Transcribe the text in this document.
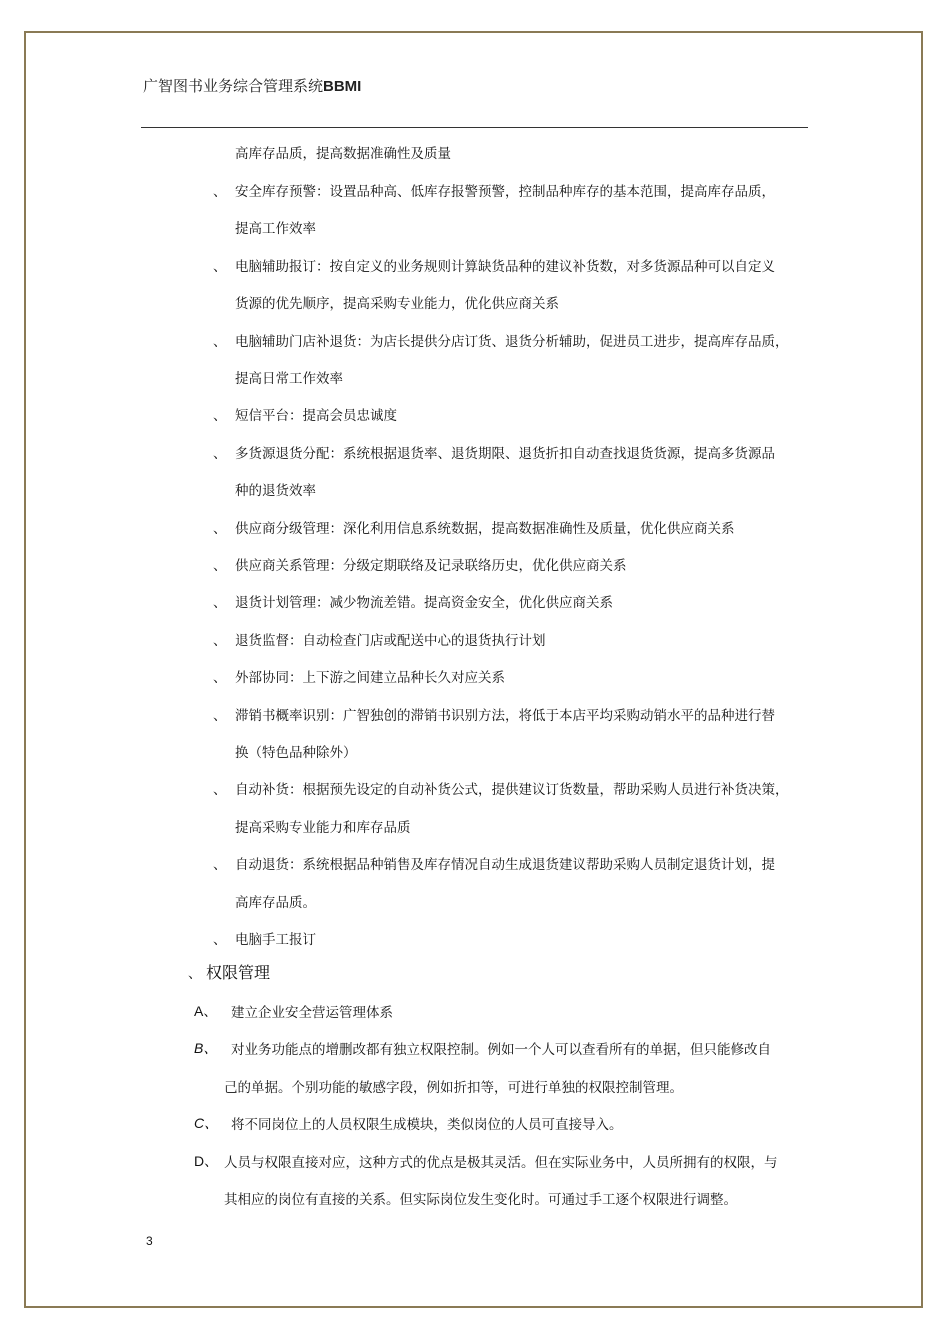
广智图书业务综合管理系统BBMI
高库存品质，提高数据准确性及质量
、 安全库存预警：设置品种高、低库存报警预警，控制品种库存的基本范围，提高库存品质，
提高工作效率
、 电脑辅助报订：按自定义的业务规则计算缺货品种的建议补货数，对多货源品种可以自定义
货源的优先顺序，提高采购专业能力，优化供应商关系
、 电脑辅助门店补退货：为店长提供分店订货、退货分析辅助，促进员工进步，提高库存品质，
提高日常工作效率
、 短信平台：提高会员忠诚度
、 多货源退货分配：系统根据退货率、退货期限、退货折扣自动查找退货货源，提高多货源品
种的退货效率
、 供应商分级管理：深化利用信息系统数据，提高数据准确性及质量，优化供应商关系
、 供应商关系管理：分级定期联络及记录联络历史，优化供应商关系
、 退货计划管理：减少物流差错。提高资金安全，优化供应商关系
、 退货监督：自动检查门店或配送中心的退货执行计划
、 外部协同：上下游之间建立品种长久对应关系
、 滞销书概率识别：广智独创的滞销书识别方法，将低于本店平均采购动销水平的品种进行替
换（特色品种除外）
、 自动补货：根据预先设定的自动补货公式，提供建议订货数量，帮助采购人员进行补货决策，
提高采购专业能力和库存品质
、 自动退货：系统根据品种销售及库存情况自动生成退货建议帮助采购人员制定退货计划，提
高库存品质。
、 电脑手工报订
、 权限管理
A、 建立企业安全营运管理体系
B、 对业务功能点的增删改都有独立权限控制。例如一个人可以查看所有的单据，但只能修改自
己的单据。个别功能的敏感字段，例如折扣等，可进行单独的权限控制管理。
C、 将不同岗位上的人员权限生成模块，类似岗位的人员可直接导入。
D、 人员与权限直接对应，这种方式的优点是极其灵活。但在实际业务中，人员所拥有的权限，与
其相应的岗位有直接的关系。但实际岗位发生变化时。可通过手工逐个权限进行调整。
3
